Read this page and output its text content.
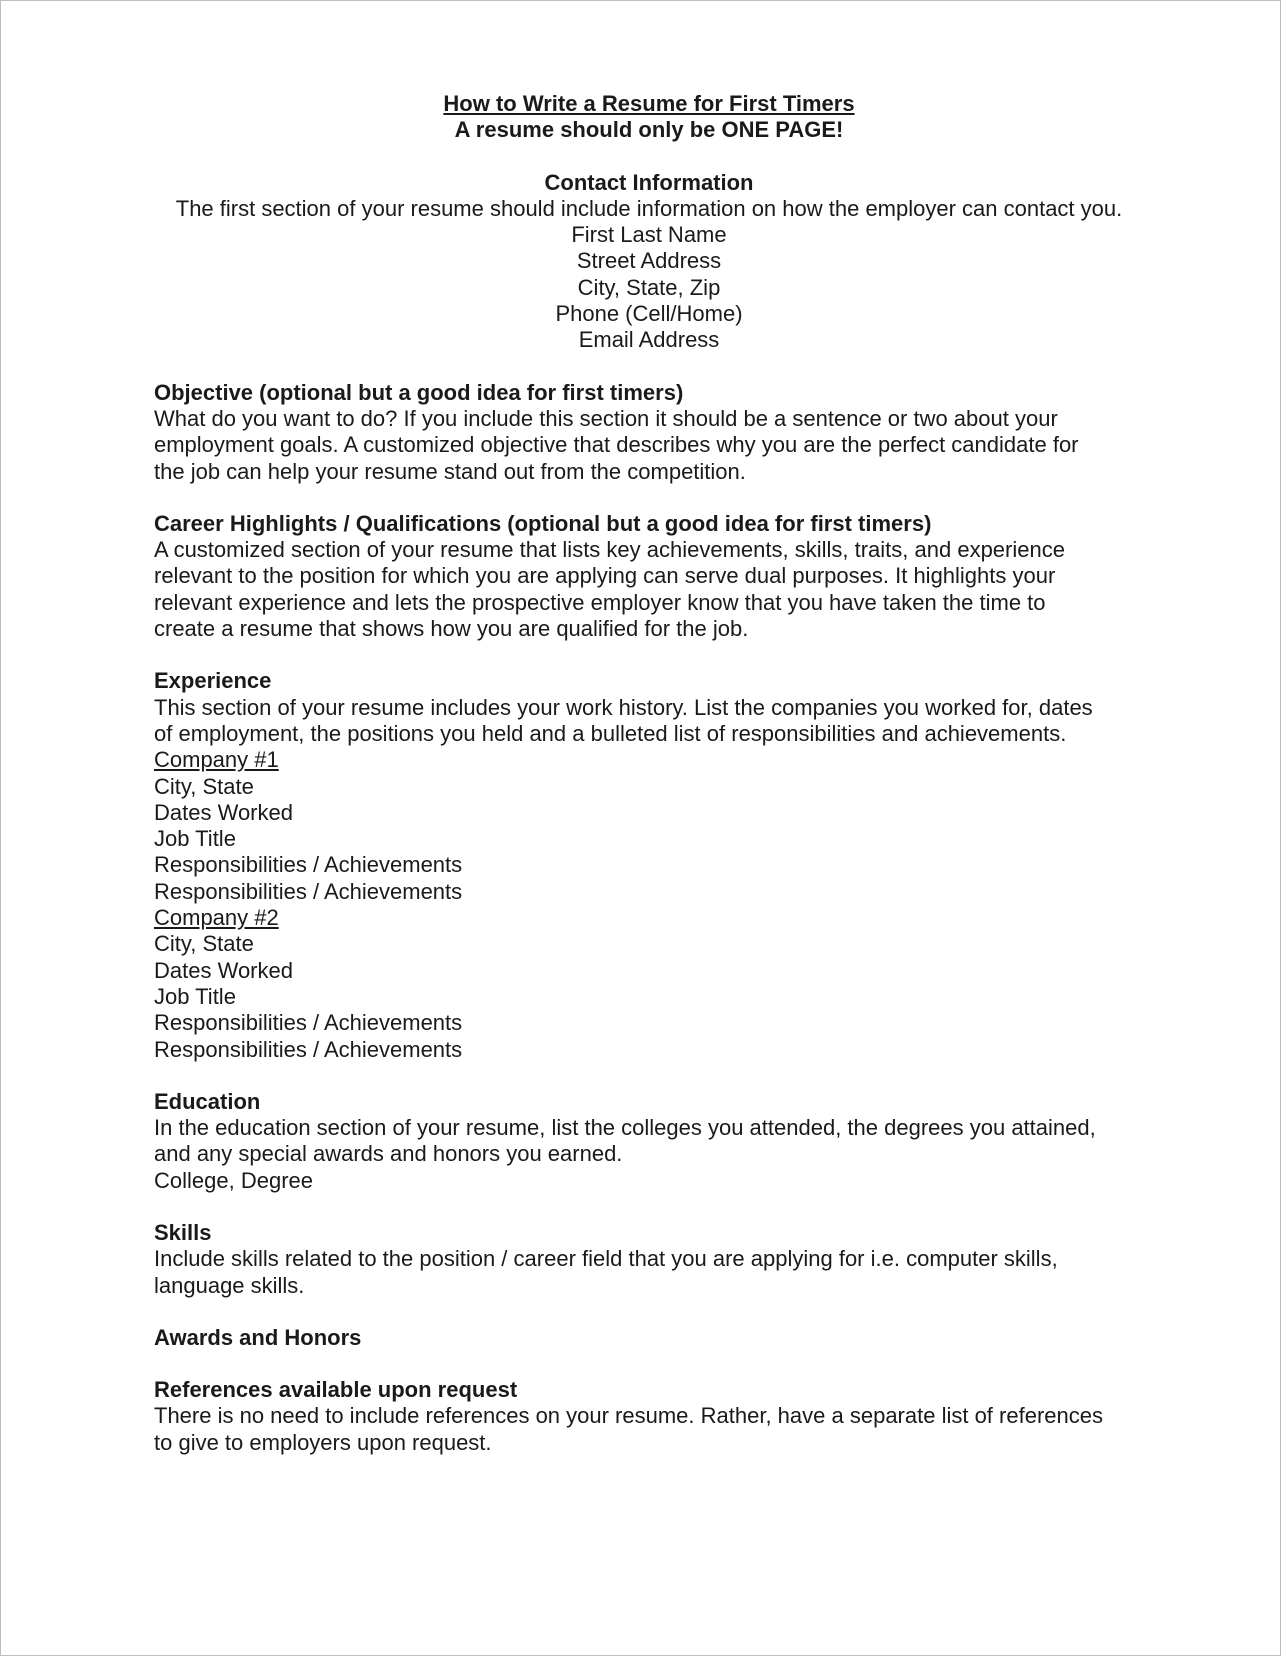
How to Write a Resume for First Timers
A resume should only be ONE PAGE!
Contact Information
The first section of your resume should include information on how the employer can contact you.
First Last Name
Street Address
City, State, Zip
Phone (Cell/Home)
Email Address
Objective (optional but a good idea for first timers)
What do you want to do? If you include this section it should be a sentence or two about your
employment goals. A customized objective that describes why you are the perfect candidate for
the job can help your resume stand out from the competition.
Career Highlights / Qualifications (optional but a good idea for first timers)
A customized section of your resume that lists key achievements, skills, traits, and experience
relevant to the position for which you are applying can serve dual purposes. It highlights your
relevant experience and lets the prospective employer know that you have taken the time to
create a resume that shows how you are qualified for the job.
Experience
This section of your resume includes your work history. List the companies you worked for, dates
of employment, the positions you held and a bulleted list of responsibilities and achievements.
Company #1
City, State
Dates Worked
Job Title
Responsibilities / Achievements
Responsibilities / Achievements
Company #2
City, State
Dates Worked
Job Title
Responsibilities / Achievements
Responsibilities / Achievements
Education
In the education section of your resume, list the colleges you attended, the degrees you attained,
and any special awards and honors you earned.
College, Degree
Skills
Include skills related to the position / career field that you are applying for i.e. computer skills,
language skills.
Awards and Honors
References available upon request
There is no need to include references on your resume. Rather, have a separate list of references
to give to employers upon request.
